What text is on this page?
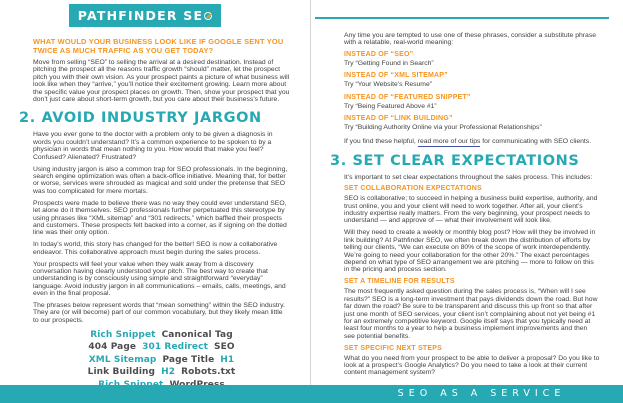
PATHFINDER SE
WHAT WOULD YOUR BUSINESS LOOK LIKE IF GOOGLE SENT YOU TWICE AS MUCH TRAFFIC AS YOU GET TODAY?

Move from selling “SEO” to selling the arrival at a desired destination. Instead of pitching the prospect all the reasons traffic growth “should” matter, let the prospect pitch you with their own vision. As your prospect paints a picture of what business will look like when they “arrive,” you’ll notice their excitement growing. Learn more about the specific value your prospect places on growth. Then, show your prospect that you don’t just care about short-term growth, but you care about their business’s future.

2. AVOID INDUSTRY JARGON

Have you ever gone to the doctor with a problem only to be given a diagnosis in words you couldn’t understand? It’s a common experience to be spoken to by a physician in words that mean nothing to you. How would that make you feel? Confused? Alienated? Frustrated?

Using industry jargon is also a common trap for SEO professionals. In the beginning, search engine optimization was often a back-office initiative. Meaning that, for better or worse, services were shrouded as magical and sold under the pretense that SEO was too complicated for mere mortals.

Prospects were made to believe there was no way they could ever understand SEO, let alone do it themselves. SEO professionals further perpetuated this stereotype by using phrases like “XML sitemap” and “301 redirects,” which baffled their prospects and customers. These prospects felt backed into a corner, as if signing on the dotted line was their only option.

In today’s world, this story has changed for the better! SEO is now a collaborative endeavor. This collaborative approach must begin during the sales process.

Your prospects will feel your value when they walk away from a discovery conversation having clearly understood your pitch. The best way to create that understanding is by consciously using simple and straightforward “everyday” language. Avoid industry jargon in all communications – emails, calls, meetings, and even in the final proposal.

The phrases below represent words that “mean something” within the SEO industry. They are (or will become) part of our common vocabulary, but they likely mean little to our prospects.

Rich Snippet Canonical Tag
404 Page 301 Redirect SEO
XML Sitemap Page Title H1
Link Building H2 Robots.txt

Any time you are tempted to use one of these phrases, consider a substitute phrase with a relatable, real-world meaning:

INSTEAD OF “SEO”

Try “Getting Found in Search”

INSTEAD OF “XML SITEMAP”

Try “Your Website’s Resume”

INSTEAD OF “FEATURED SNIPPET”

Try “Being Featured Above #1”

INSTEAD OF “LINK BUILDING”

Try “Building Authority Online via your Professional Relationships”

If you find these helpful, read more of our tips for communicating with SEO clients.

3. SET CLEAR EXPECTATIONS

It’s important to set clear expectations throughout the sales process. This includes:

SET COLLABORATION EXPECTATIONS

SEO is collaborative; to succeed in helping a business build expertise, authority, and trust online, you and your client will need to work together. After all, your client’s industry expertise really matters. From the very beginning, your prospect needs to understand — and approve of — what their involvement will look like.

Will they need to create a weekly or monthly blog post? How will they be involved in link building? At Pathfinder SEO, we often break down the distribution of efforts by telling our clients, “We can execute on 80% of the scope of work interdependently. We’re going to need your collaboration for the other 20%.” The exact percentages depend on what type of SEO arrangement we are pitching — more to follow on this in the pricing and process section.

SET A TIMELINE FOR RESULTS

The most frequently asked question during the sales process is, “When will I see results?” SEO is a long-term investment that pays dividends down the road. But how far down the road? Be sure to be transparent and discuss this up front so that after just one month of SEO services, your client isn’t complaining about not yet being #1 for an extremely competitive keyword. Google itself says that you typically need at least four months to a year to help a business implement improvements and then see potential benefits.

SET SPECIFIC NEXT STEPS

What do you need from your prospect to be able to deliver a proposal? Do you like to look at a prospect’s Google Analytics? Do you need to take a look at their current content management system?

SEO AS A SERVICE
